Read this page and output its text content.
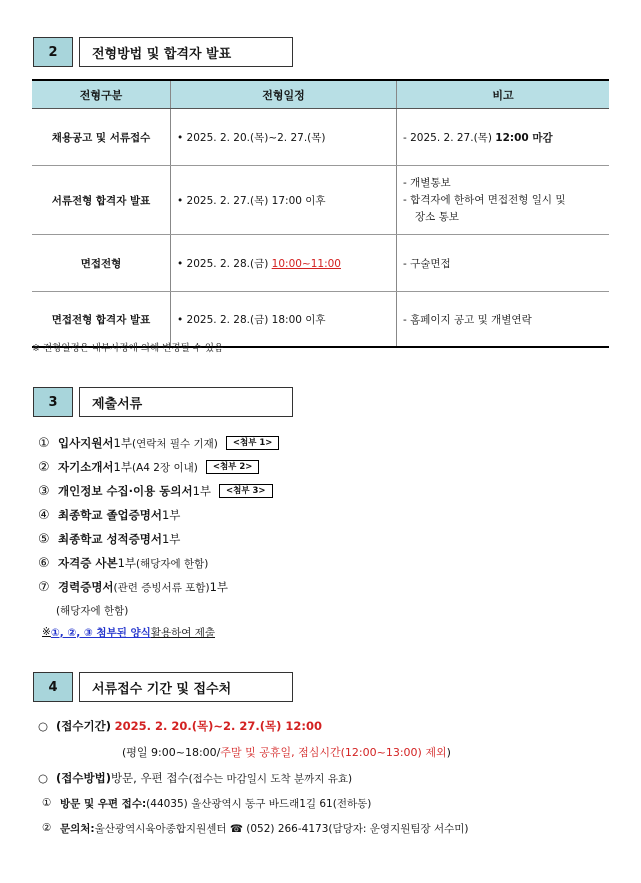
2	전형방법 및 합격자 발표
전형구분	전형일정	비고
채용공고 및 서류접수	• 2025. 2. 20.(목)~2. 27.(목)	- 2025. 2. 27.(목) 12:00 마감
서류전형 합격자 발표	• 2025. 2. 27.(목) 17:00 이후	- 개별통보
- 합격자에 한하여 면접전형 일시 및
장소 통보

면접전형	• 2025. 2. 28.(금) 10:00~11:00	- 구술면접
면접전형 합격자 발표	• 2025. 2. 28.(금) 18:00 이후	- 홈페이지 공고 및 개별연락
※ 전형일정은 내부사정에 의해 변경될 수 있음
3	제출서류
① 입사지원서 1부 (연락처 필수 기재)	<첨부 1>
② 자기소개서 1부 (A4 2장 이내)	<첨부 2>
③ 개인정보 수집·이용 동의서 1부	<첨부 3>
④ 최종학교 졸업증명서 1부
⑤ 최종학교 성적증명서 1부
⑥ 자격증 사본 1부 (해당자에 한함)
⑦ 경력증명서 (관련 증빙서류 포함) 1부
(해당자에 한함)
※ ①, ②, ③ 첨부된 양식 활용하여 제출
4	서류접수 기간 및 접수처
○ (접수기간)
2025. 2. 20.(목)~2. 27.(목) 12:00
(평일 9:00~18:00/ 주말 및 공휴일, 점심시간(12:00~13:00) 제외 )
○ (접수방법) 방문, 우편 접수 (접수는 마감일시 도착 분까지 유효)
① 방문 및 우편 접수: (44035) 울산광역시 동구 바드래1길 61(전하동)
② 문의처: 울산광역시육아종합지원센터 ☎ (052) 266-4173(담당자: 운영지원팀장 서수미)
